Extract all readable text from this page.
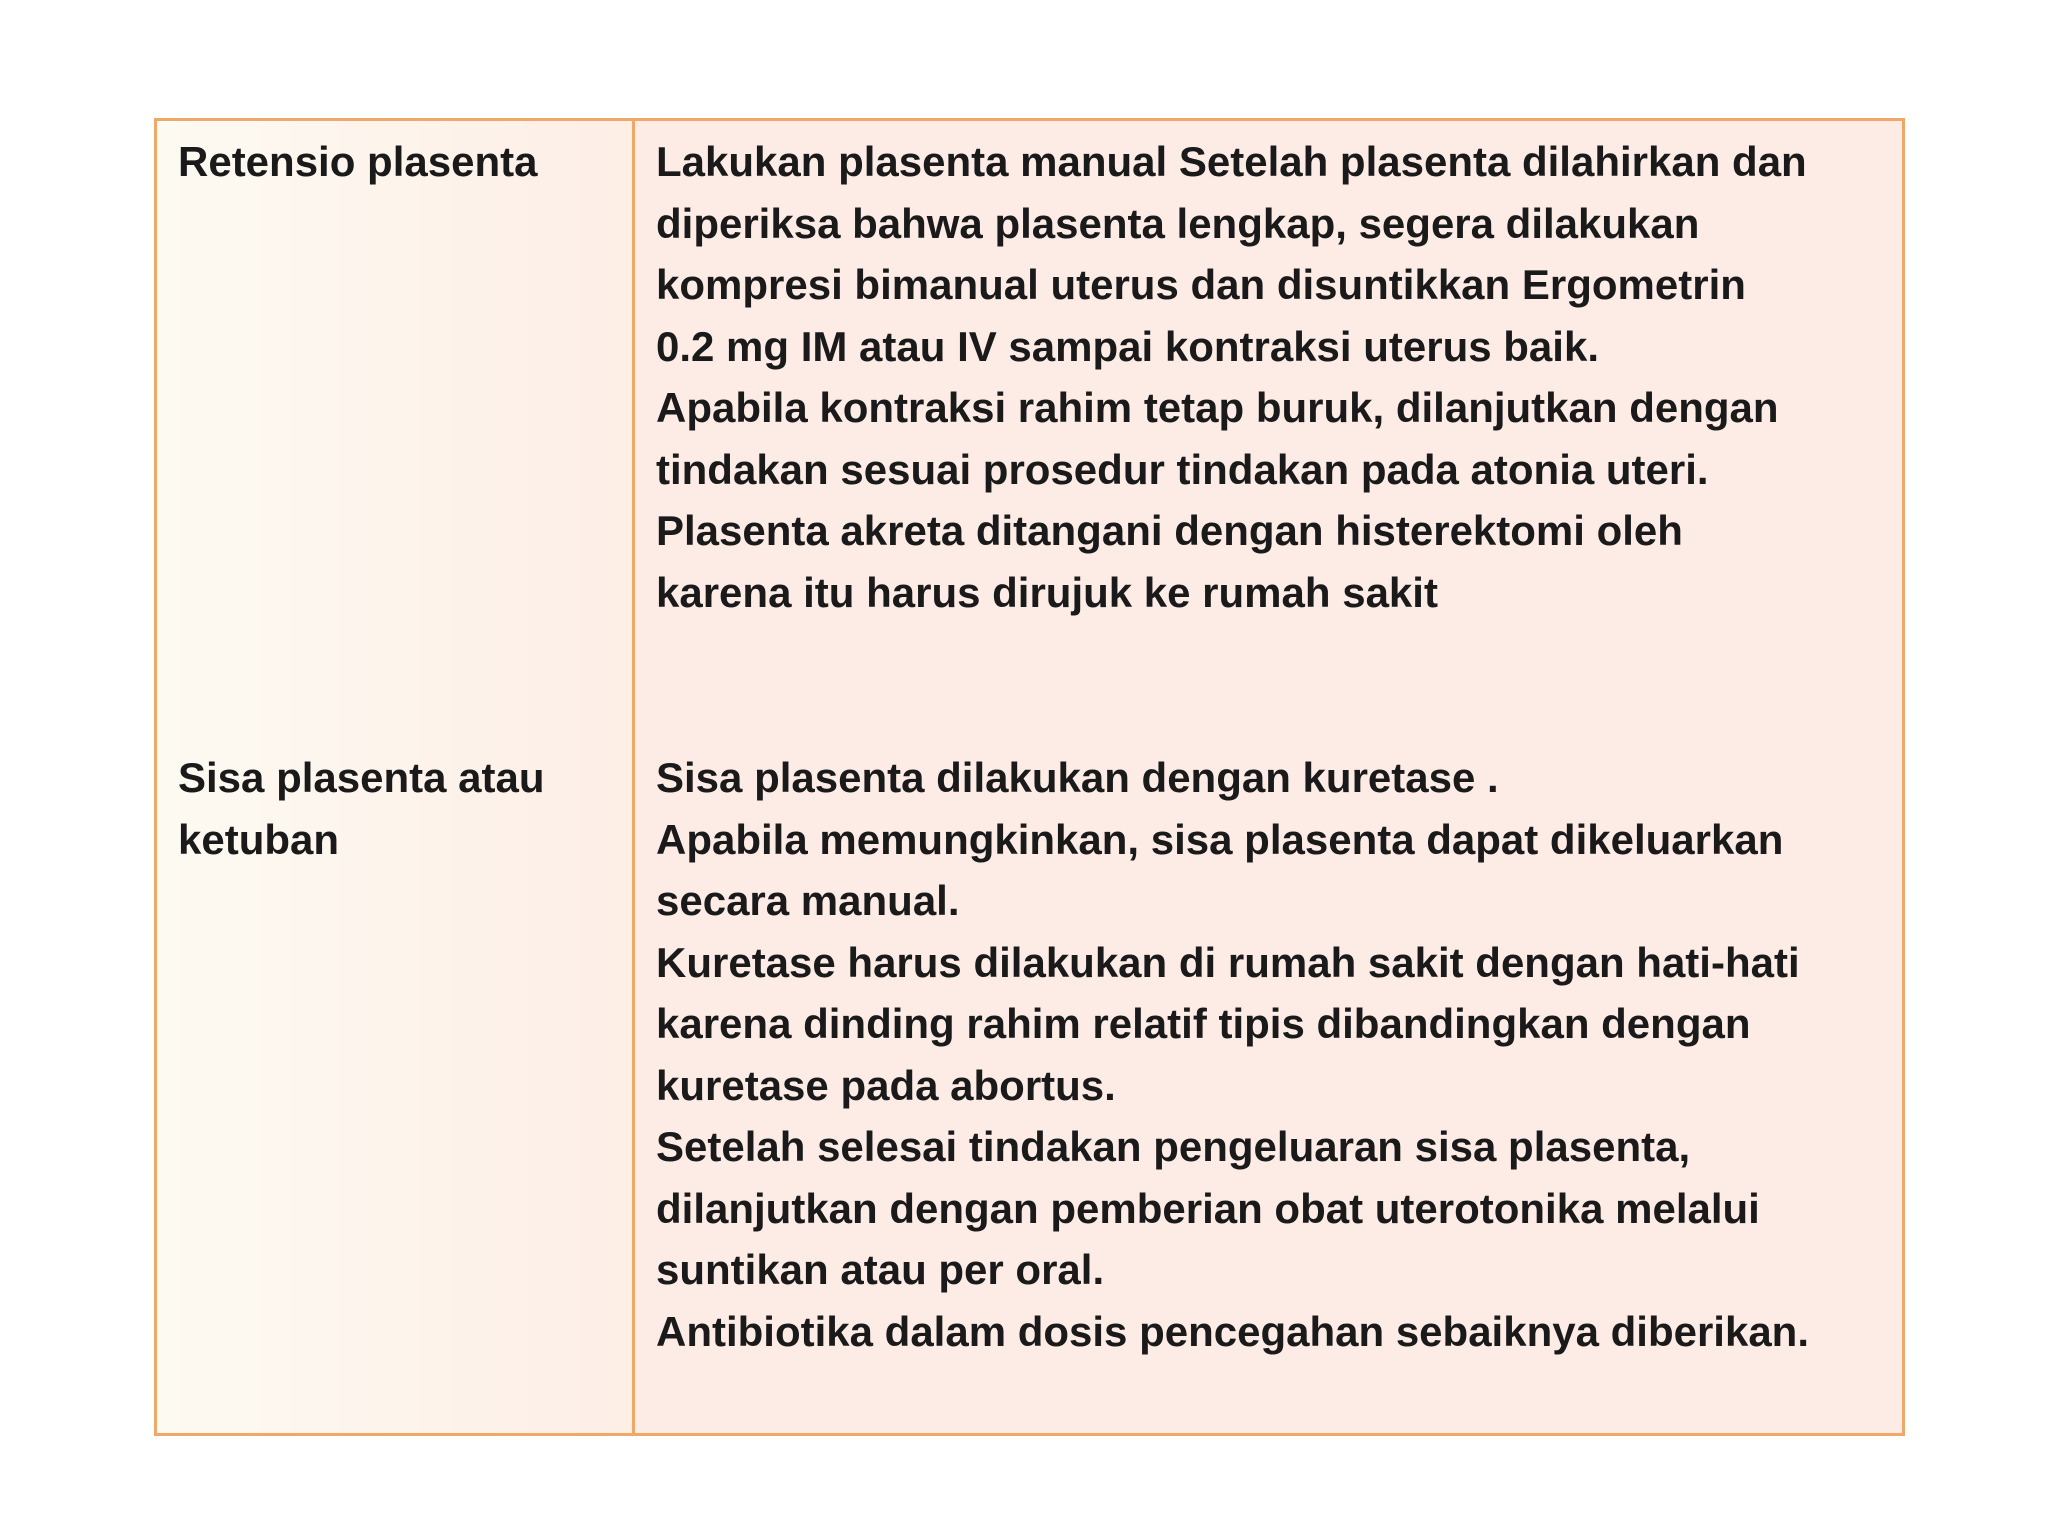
Retensio plasenta

Sisa plasenta atau
ketuban

Lakukan plasenta manual Setelah plasenta dilahirkan dan
diperiksa bahwa plasenta lengkap, segera dilakukan
kompresi bimanual uterus dan disuntikkan Ergometrin
0.2 mg IM atau IV sampai kontraksi uterus baik.
Apabila kontraksi rahim tetap buruk, dilanjutkan dengan
tindakan sesuai prosedur tindakan pada atonia uteri.
Plasenta akreta ditangani dengan histerektomi oleh
karena itu harus dirujuk ke rumah sakit

Sisa plasenta dilakukan dengan kuretase .
Apabila memungkinkan, sisa plasenta dapat dikeluarkan
secara manual.
Kuretase harus dilakukan di rumah sakit dengan hati-hati
karena dinding rahim relatif tipis dibandingkan dengan
kuretase pada abortus.
Setelah selesai tindakan pengeluaran sisa plasenta,
dilanjutkan dengan pemberian obat uterotonika melalui
suntikan atau per oral.
Antibiotika dalam dosis pencegahan sebaiknya diberikan.
